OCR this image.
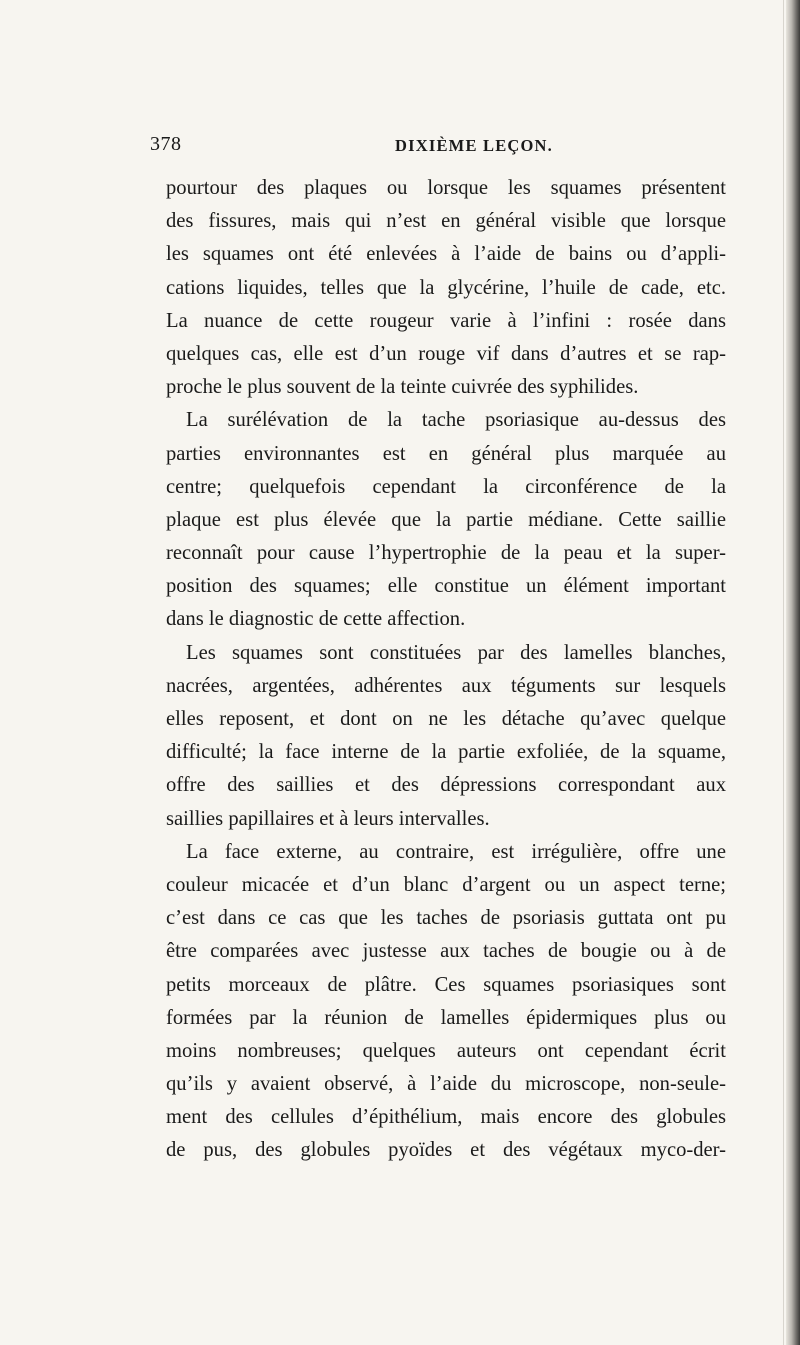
378	DIXIÈME LEÇON.
pourtour des plaques ou lorsque les squames présentent
des fissures, mais qui n’est en général visible que lorsque
les squames ont été enlevées à l’aide de bains ou d’appli-
cations liquides, telles que la glycérine, l’huile de cade, etc.
La nuance de cette rougeur varie à l’infini : rosée dans
quelques cas, elle est d’un rouge vif dans d’autres et se rap-
proche le plus souvent de la teinte cuivrée des syphilides.
La surélévation de la tache psoriasique au-dessus des
parties environnantes est en général plus marquée au
centre; quelquefois cependant la circonférence de la
plaque est plus élevée que la partie médiane. Cette saillie
reconnaît pour cause l’hypertrophie de la peau et la super-
position des squames; elle constitue un élément important
dans le diagnostic de cette affection.
Les squames sont constituées par des lamelles blanches,
nacrées, argentées, adhérentes aux téguments sur lesquels
elles reposent, et dont on ne les détache qu’avec quelque
difficulté; la face interne de la partie exfoliée, de la squame,
offre des saillies et des dépressions correspondant aux
saillies papillaires et à leurs intervalles.
La face externe, au contraire, est irrégulière, offre une
couleur micacée et d’un blanc d’argent ou un aspect terne;
c’est dans ce cas que les taches de psoriasis guttata ont pu
être comparées avec justesse aux taches de bougie ou à de
petits morceaux de plâtre. Ces squames psoriasiques sont
formées par la réunion de lamelles épidermiques plus ou
moins nombreuses; quelques auteurs ont cependant écrit
qu’ils y avaient observé, à l’aide du microscope, non-seule-
ment des cellules d’épithélium, mais encore des globules
de pus, des globules pyoïdes et des végétaux myco-der-
